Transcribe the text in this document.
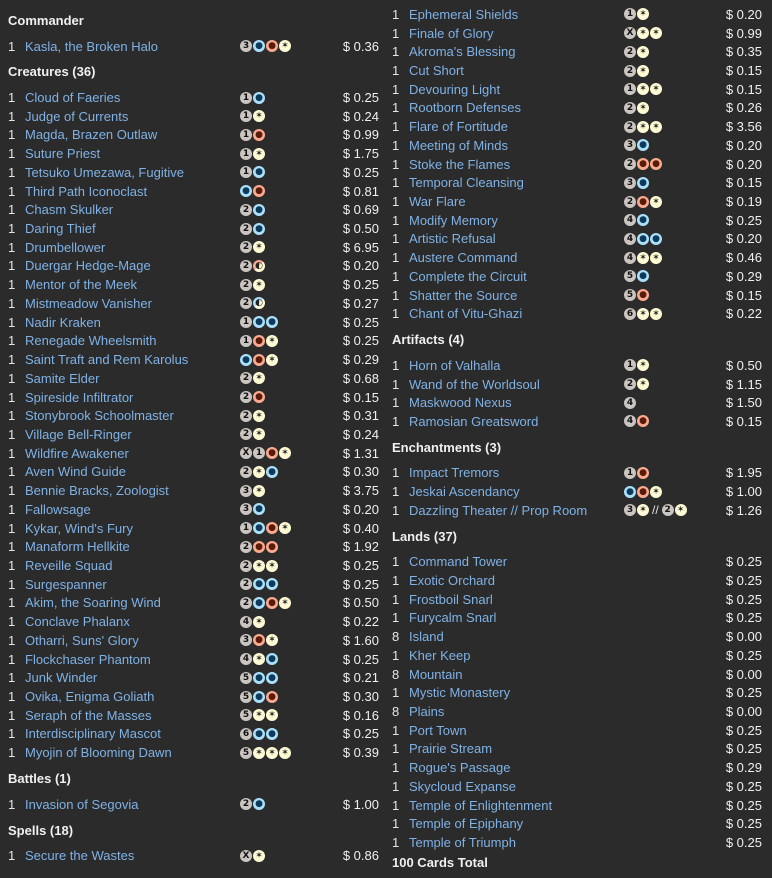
Commander
1 Kasla, the Broken Halo	3 ● ● ✶	$ 0.36
Creatures (36)
1 Cloud of Faeries	1 ●	$ 0.25
1 Judge of Currents	1 ✶	$ 0.24
1 Magda, Brazen Outlaw	1 ●	$ 0.99
1 Suture Priest	1 ✶	$ 1.75
1 Tetsuko Umezawa, Fugitive	1 ●	$ 0.25
1 Third Path Iconoclast	● ●	$ 0.81
1 Chasm Skulker	2 ●	$ 0.69
1 Daring Thief	2 ●	$ 0.50
1 Drumbellower	2 ✶	$ 6.95
1 Duergar Hedge-Mage	2 ◐	$ 0.20
1 Mentor of the Meek	2 ✶	$ 0.25
1 Mistmeadow Vanisher	2 ◐	$ 0.27
1 Nadir Kraken	1 ● ●	$ 0.25
1 Renegade Wheelsmith	1 ● ✶	$ 0.25
1 Saint Traft and Rem Karolus	● ● ✶	$ 0.29
1 Samite Elder	2 ✶	$ 0.68
1 Spireside Infiltrator	2 ●	$ 0.15
1 Stonybrook Schoolmaster	2 ✶	$ 0.31
1 Village Bell-Ringer	2 ✶	$ 0.24
1 Wildfire Awakener	X 1 ● ✶	$ 1.31
1 Aven Wind Guide	2 ✶ ●	$ 0.30
1 Bennie Bracks, Zoologist	3 ✶	$ 3.75
1 Fallowsage	3 ●	$ 0.20
1 Kykar, Wind's Fury	1 ● ● ✶	$ 0.40
1 Manaform Hellkite	2 ● ●	$ 1.92
1 Reveille Squad	2 ✶ ✶	$ 0.25
1 Surgespanner	2 ● ●	$ 0.25
1 Akim, the Soaring Wind	2 ● ● ✶	$ 0.50
1 Conclave Phalanx	4 ✶	$ 0.22
1 Otharri, Suns' Glory	3 ● ✶	$ 1.60
1 Flockchaser Phantom	4 ✶ ●	$ 0.25
1 Junk Winder	5 ● ●	$ 0.21
1 Ovika, Enigma Goliath	5 ● ●	$ 0.30
1 Seraph of the Masses	5 ✶ ✶	$ 0.16
1 Interdisciplinary Mascot	6 ● ●	$ 0.25
1 Myojin of Blooming Dawn	5 ✶ ✶ ✶	$ 0.39
Battles (1)
1 Invasion of Segovia	2 ●	$ 1.00
Spells (18)
1 Secure the Wastes	X ✶	$ 0.86
1 Ephemeral Shields	1 ✶	$ 0.20
1 Finale of Glory	X ✶ ✶	$ 0.99
1 Akroma's Blessing	2 ✶	$ 0.35
1 Cut Short	2 ✶	$ 0.15
1 Devouring Light	1 ✶ ✶	$ 0.15
1 Rootborn Defenses	2 ✶	$ 0.26
1 Flare of Fortitude	2 ✶ ✶	$ 3.56
1 Meeting of Minds	3 ●	$ 0.20
1 Stoke the Flames	2 ● ●	$ 0.20
1 Temporal Cleansing	3 ●	$ 0.15
1 War Flare	2 ● ✶	$ 0.19
1 Modify Memory	4 ●	$ 0.25
1 Artistic Refusal	4 ● ●	$ 0.20
1 Austere Command	4 ✶ ✶	$ 0.46
1 Complete the Circuit	5 ●	$ 0.29
1 Shatter the Source	5 ●	$ 0.15
1 Chant of Vitu-Ghazi	6 ✶ ✶	$ 0.22
Artifacts (4)
1 Horn of Valhalla	1 ✶	$ 0.50
1 Wand of the Worldsoul	2 ✶	$ 1.15
1 Maskwood Nexus	4	$ 1.50
1 Ramosian Greatsword	4 ●	$ 0.15
Enchantments (3)
1 Impact Tremors	1 ●	$ 1.95
1 Jeskai Ascendancy	● ● ✶	$ 1.00
1 Dazzling Theater // Prop Room	3 ✶ // 2 ✶	$ 1.26
Lands (37)
1 Command Tower	$ 0.25
1 Exotic Orchard	$ 0.25
1 Frostboil Snarl	$ 0.25
1 Furycalm Snarl	$ 0.25
8 Island	$ 0.00
1 Kher Keep	$ 0.25
8 Mountain	$ 0.00
1 Mystic Monastery	$ 0.25
8 Plains	$ 0.00
1 Port Town	$ 0.25
1 Prairie Stream	$ 0.25
1 Rogue's Passage	$ 0.29
1 Skycloud Expanse	$ 0.25
1 Temple of Enlightenment	$ 0.25
1 Temple of Epiphany	$ 0.25
1 Temple of Triumph	$ 0.25
100 Cards Total
